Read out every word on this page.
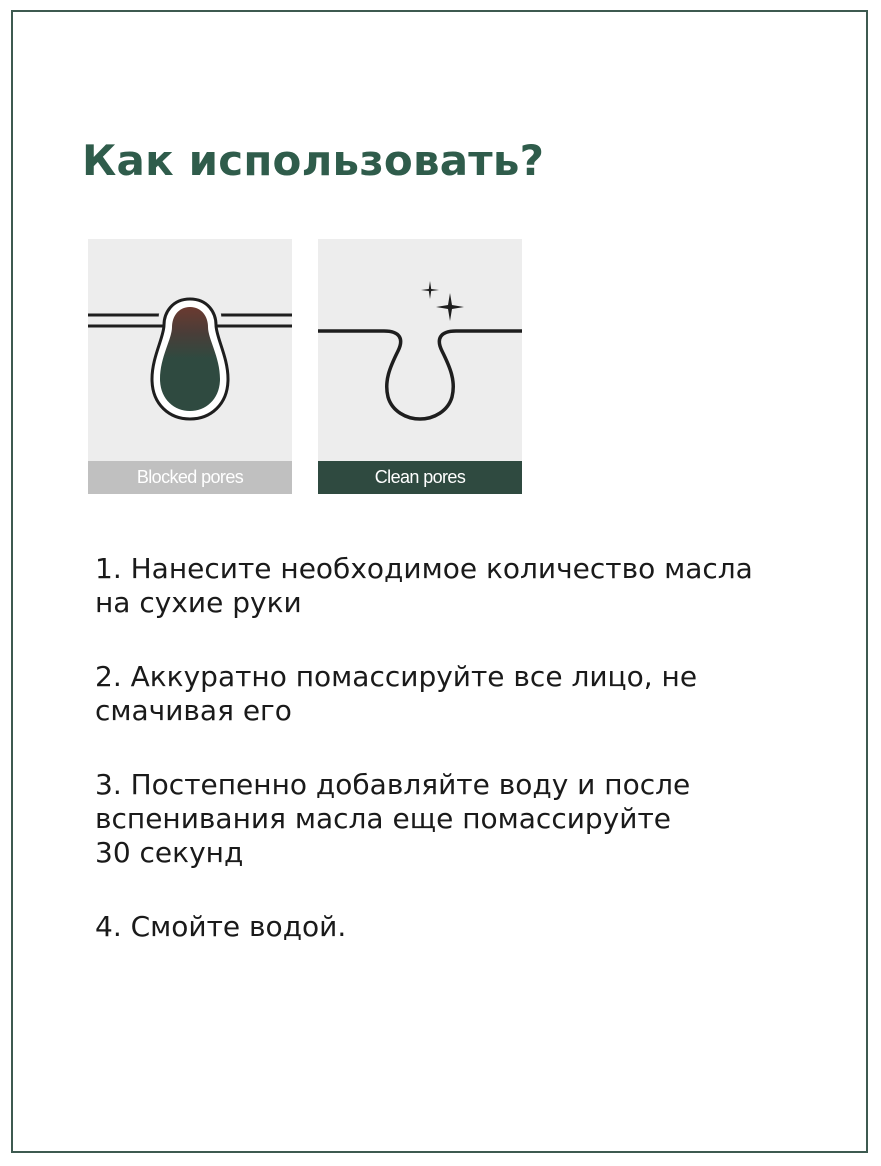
Как использовать?
Blocked pores	Clean pores
1. Нанесите необходимое количество масла
на сухие руки
2. Аккуратно помассируйте все лицо, не
смачивая его
3. Постепенно добавляйте воду и после
вспенивания масла еще помассируйте
30 секунд
4. Смойте водой.
